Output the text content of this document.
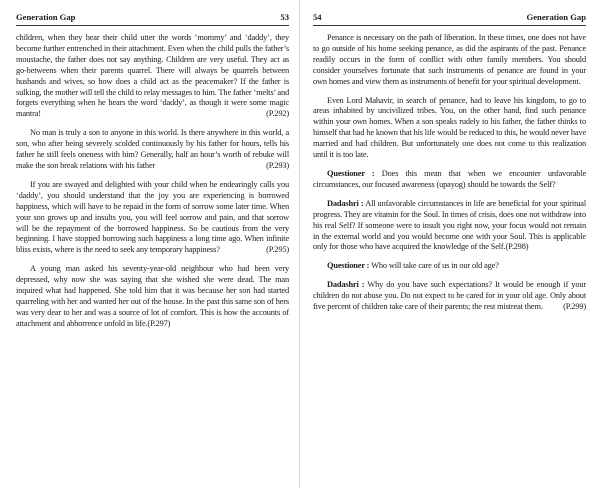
Generation Gap	53

children, when they hear their child utter the words ‘mommy’ and ‘daddy’, they become further entrenched in their attachment. Even when the child pulls the father’s moustache, the father does not say anything. Children are very useful. They act as go-betweens when their parents quarrel. There will always be quarrels between husbands and wives, so how does a child act as the peacemaker? If the father is sulking, the mother will tell the child to relay messages to him. The father ‘melts’ and forgets everything when he hears the word ‘daddy’, as though it were some magic mantra!	(P.292)

No man is truly a son to anyone in this world. Is there anywhere in this world, a son, who after being severely scolded continuously by his father for hours, tells his father he still feels oneness with him? Generally, half an hour’s worth of rebuke will make the son break relations with his father	(P.293)

If you are swayed and delighted with your child when he endearingly calls you ‘daddy’, you should understand that the joy you are experiencing is borrowed happiness, which will have to be repaid in the form of sorrow some later time. When your son grows up and insults you, you will feel sorrow and pain, and that sorrow will be the repayment of the borrowed happiness. So be cautious from the very beginning. I have stopped borrowing such happiness a long time ago. When infinite bliss exists, where is the need to seek any temporary happiness?	(P.295)

A young man asked his seventy-year-old neighbour who had been very depressed, why now she was saying that she wished she were dead. The man inquired what had happened. She told him that it was because her son had started quarreling with her and wanted her out of the house. In the past this same son of hers was very dear to her and was a source of lot of comfort. This is how the accounts of attachment and abhorrence unfold in life.(P.297)

54	Generation Gap

Penance is necessary on the path of liberation. In these times, one does not have to go outside of his home seeking penance, as did the aspirants of the past. Penance readily occurs in the form of conflict with other family members. You should consider yourselves fortunate that such instruments of penance are found in your own homes and view them as instruments of benefit for your spiritual development.

Even Lord Mahavir, in search of penance, had to leave his kingdom, to go to areas inhabited by uncivilized tribes. You, on the other hand, find such penance within your own homes. When a son speaks rudely to his father, the father thinks to himself that had he known that his life would be reduced to this, he would never have married and had children. But unfortunately one does not come to this realization until it is too late.

Questioner : Does this mean that when we encounter unfavorable circumstances, our focused awareness (upayog) should be towards the Self?

Dadashri : All unfavorable circumstances in life are beneficial for your spiritual progress. They are vitamin for the Soul. In times of crisis, does one not withdraw into his real Self? If someone were to insult you right now, your focus would not remain in the external world and you would become one with your Soul. This is applicable only for those who have acquired the knowledge of the Self.(P.298)

Questioner : Who will take care of us in our old age?

Dadashri : Why do you have such expectations? It would be enough if your children do not abuse you. Do not expect to be cared for in your old age. Only about five percent of children take care of their parents; the rest mistreat them.	(P.299)
